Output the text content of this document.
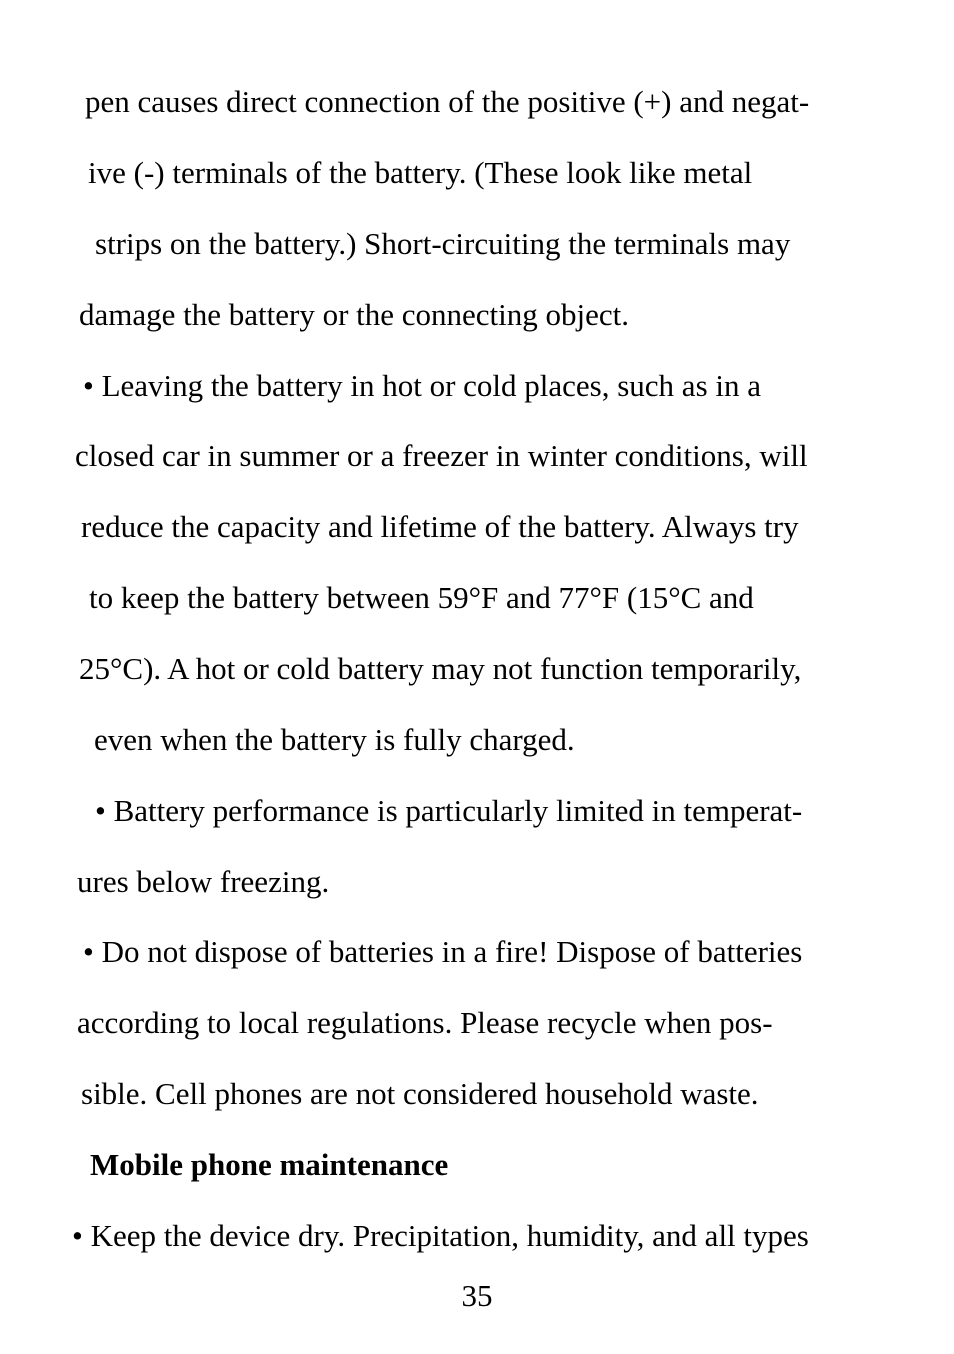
pen causes direct connection of the positive (+) and negat-
ive (-) terminals of the battery. (These look like metal
strips on the battery.) Short-circuiting the terminals may
damage the battery or the connecting object.
• Leaving the battery in hot or cold places, such as in a
closed car in summer or a freezer in winter conditions, will
reduce the capacity and lifetime of the battery. Always try
to keep the battery between 59°F and 77°F (15°C and
25°C). A hot or cold battery may not function temporarily,
even when the battery is fully charged.
• Battery performance is particularly limited in temperat-
ures below freezing.
• Do not dispose of batteries in a fire! Dispose of batteries
according to local regulations. Please recycle when pos-
sible. Cell phones are not considered household waste.
Mobile phone maintenance
• Keep the device dry. Precipitation, humidity, and all types
35
